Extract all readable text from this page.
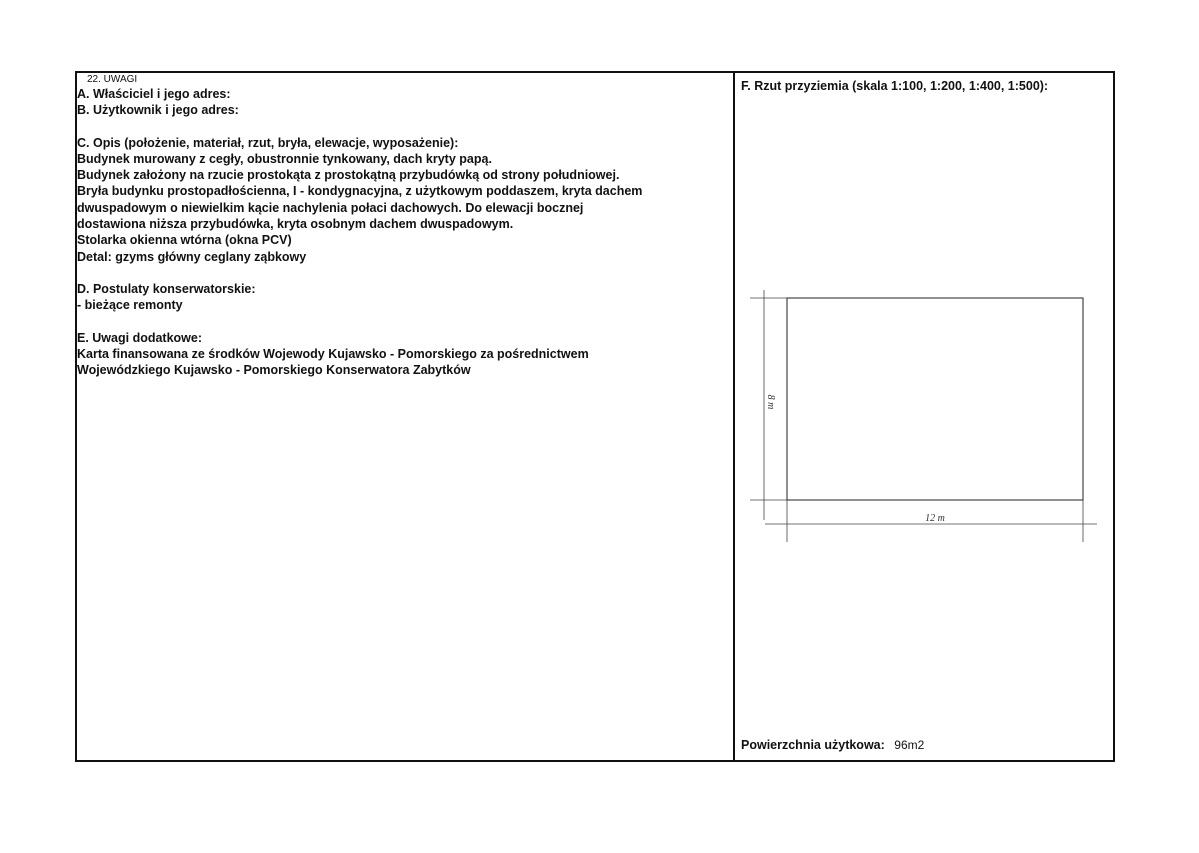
22. UWAGI
A. Właściciel i jego adres:
B. Użytkownik i jego adres:
C. Opis (położenie, materiał, rzut, bryła, elewacje, wyposażenie):
Budynek murowany z cegły, obustronnie tynkowany, dach kryty papą.
Budynek założony na rzucie prostokąta z prostokątną przybudówką od strony południowej.
Bryła budynku prostopadłościenna, I - kondygnacyjna, z użytkowym poddaszem, kryta dachem
dwuspadowym o niewielkim kącie nachylenia połaci dachowych. Do elewacji bocznej
dostawiona niższa przybudówka, kryta osobnym dachem dwuspadowym.
Stolarka okienna wtórna (okna PCV)
Detal: gzyms główny ceglany ząbkowy
D. Postulaty konserwatorskie:
- bieżące remonty
E. Uwagi dodatkowe:
Karta finansowana ze środków Wojewody Kujawsko - Pomorskiego za pośrednictwem
Wojewódzkiego Kujawsko - Pomorskiego Konserwatora Zabytków
F. Rzut przyziemia (skala 1:100, 1:200, 1:400, 1:500):
12 m
8 m
Powierzchnia użytkowa: 96m2
